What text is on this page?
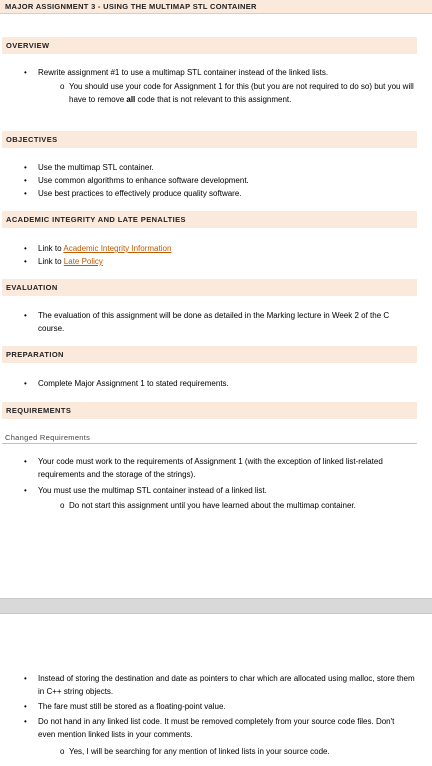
MAJOR ASSIGNMENT 3 - USING THE MULTIMAP STL CONTAINER
OVERVIEW
• Rewrite assignment #1 to use a multimap STL container instead of the linked lists.
o You should use your code for Assignment 1 for this (but you are not required to do so) but you will have to remove all code that is not relevant to this assignment.
OBJECTIVES
• Use the multimap STL container.
• Use common algorithms to enhance software development.
• Use best practices to effectively produce quality software.
ACADEMIC INTEGRITY AND LATE PENALTIES
• Link to Academic Integrity Information
• Link to Late Policy
EVALUATION
• The evaluation of this assignment will be done as detailed in the Marking lecture in Week 2 of the C course.
PREPARATION
• Complete Major Assignment 1 to stated requirements.
REQUIREMENTS
Changed Requirements
• Your code must work to the requirements of Assignment 1 (with the exception of linked list-related requirements and the storage of the strings).
• You must use the multimap STL container instead of a linked list.
o Do not start this assignment until you have learned about the multimap container.
• Instead of storing the destination and date as pointers to char which are allocated using malloc, store them in C++ string objects.
• The fare must still be stored as a floating-point value.
• Do not hand in any linked list code. It must be removed completely from your source code files. Don't even mention linked lists in your comments.
o Yes, I will be searching for any mention of linked lists in your source code.
